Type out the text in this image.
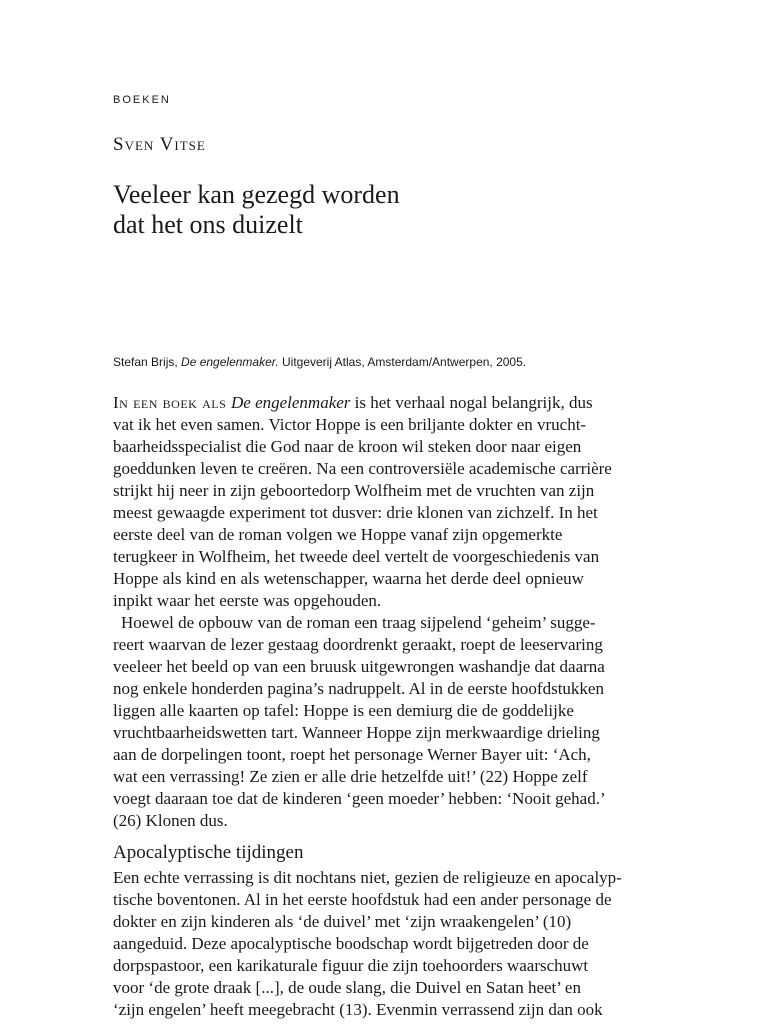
BOEKEN
Sven Vitse
Veeleer kan gezegd worden
dat het ons duizelt
Stefan Brijs, De engelenmaker. Uitgeverij Atlas, Amsterdam/Antwerpen, 2005.
In een boek als De engelenmaker is het verhaal nogal belangrijk, dus
vat ik het even samen. Victor Hoppe is een briljante dokter en vrucht-
baarheidsspecialist die God naar de kroon wil steken door naar eigen
goeddunken leven te creëren. Na een controversiële academische carrière
strijkt hij neer in zijn geboortedorp Wolfheim met de vruchten van zijn
meest gewaagde experiment tot dusver: drie klonen van zichzelf. In het
eerste deel van de roman volgen we Hoppe vanaf zijn opgemerkte
terugkeer in Wolfheim, het tweede deel vertelt de voorgeschiedenis van
Hoppe als kind en als wetenschapper, waarna het derde deel opnieuw
inpikt waar het eerste was opgehouden.
Hoewel de opbouw van de roman een traag sijpelend ‘geheim’ sugge-
reert waarvan de lezer gestaag doordrenkt geraakt, roept de leeservaring
veeleer het beeld op van een bruusk uitgewrongen washandje dat daarna
nog enkele honderden pagina’s nadruppelt. Al in de eerste hoofdstukken
liggen alle kaarten op tafel: Hoppe is een demiurg die de goddelijke
vruchtbaarheidswetten tart. Wanneer Hoppe zijn merkwaardige drieling
aan de dorpelingen toont, roept het personage Werner Bayer uit: ‘Ach,
wat een verrassing! Ze zien er alle drie hetzelfde uit!’ (22) Hoppe zelf
voegt daaraan toe dat de kinderen ‘geen moeder’ hebben: ‘Nooit gehad.’
(26) Klonen dus.
Apocalyptische tijdingen
Een echte verrassing is dit nochtans niet, gezien de religieuze en apocalyp-
tische boventonen. Al in het eerste hoofdstuk had een ander personage de
dokter en zijn kinderen als ‘de duivel’ met ‘zijn wraakengelen’ (10)
aangeduid. Deze apocalyptische boodschap wordt bijgetreden door de
dorpspastoor, een karikaturale figuur die zijn toehoorders waarschuwt
voor ‘de grote draak [...], de oude slang, die Duivel en Satan heet’ en
‘zijn engelen’ heeft meegebracht (13). Evenmin verrassend zijn dan ook
